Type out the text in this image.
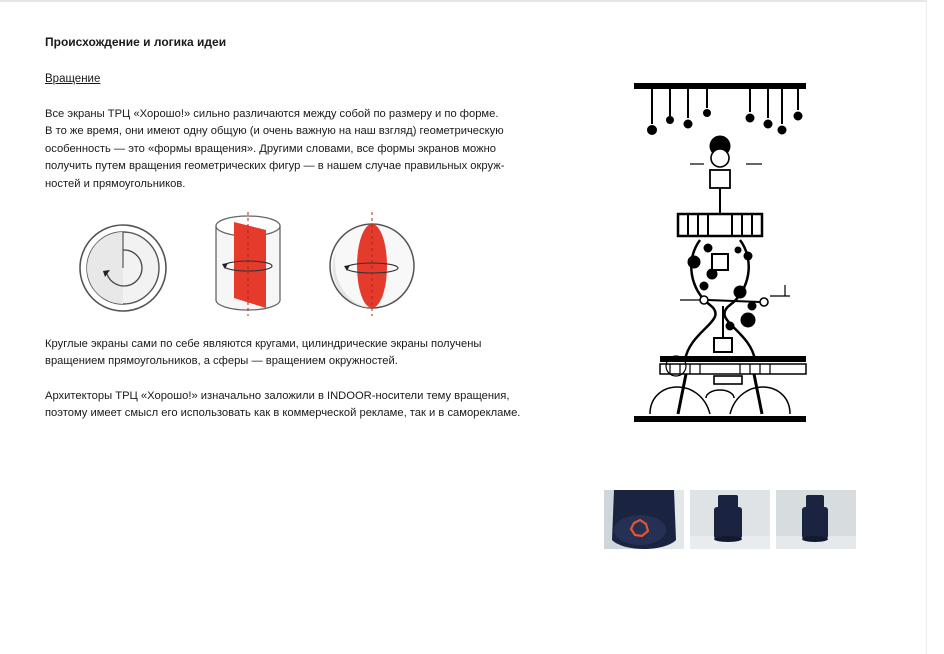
Происхождение и логика идеи
Вращение
Все экраны ТРЦ «Хорошо!» сильно различаются между собой по размеру и по форме.
В то же время, они имеют одну общую (и очень важную на наш взгляд) геометрическую
особенность — это «формы вращения». Другими словами, все формы экранов можно
получить путем вращения геометрических фигур — в нашем случае правильных окруж-
ностей и прямоугольников.
Круглые экраны сами по себе являются кругами, цилиндрические экраны получены
вращением прямоугольников, а сферы — вращением окружностей.
Архитекторы ТРЦ «Хорошо!» изначально заложили в INDOOR-носители тему вращения,
поэтому имеет смысл его использовать как в коммерческой рекламе, так и в саморекламе.
